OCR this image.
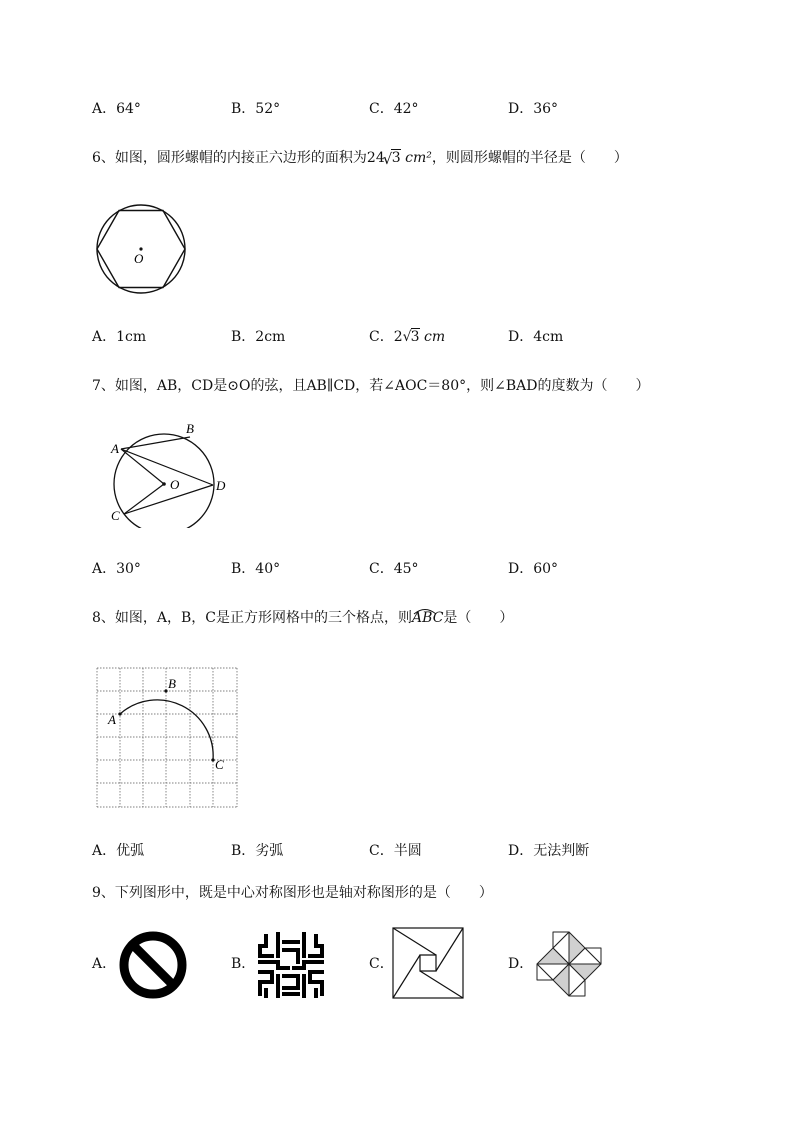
A．64°	B．52°	C．42°	D．36°
6、如图，圆形螺帽的内接正六边形的面积为24
√ 3 cm²，则圆形螺帽的半径是（　　）
O
A．1cm	B．2cm	C．2 √ 3 cm	D．4cm
7、如图，AB，CD是⊙O的弦，且AB∥CD，若∠AOC＝80°，则∠BAD的度数为（　　）
A
B
C
D
O
A．30°	B．40°	C．45°	D．60°
8、如图，A，B，C是正方形网格中的三个格点，则
ABC是（　　）
A
B
C
A．优弧	B．劣弧	C．半圆	D．无法判断
9、下列图形中，既是中心对称图形也是轴对称图形的是（　　）
A．	B．	C．	D．
